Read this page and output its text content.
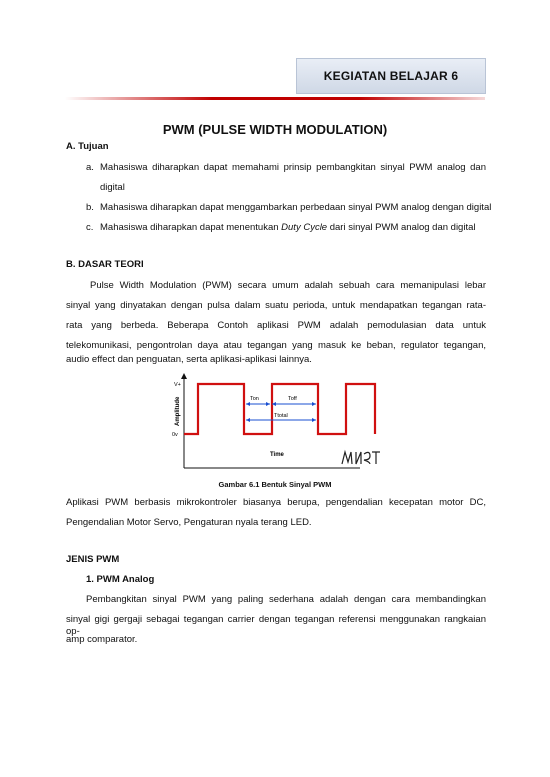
KEGIATAN BELAJAR 6
PWM (PULSE WIDTH MODULATION)
A. Tujuan
a. Mahasiswa diharapkan dapat memahami prinsip pembangkitan sinyal PWM analog dan
digital
b. Mahasiswa diharapkan dapat menggambarkan perbedaan sinyal PWM analog dengan digital
c. Mahasiswa diharapkan dapat menentukan Duty Cycle dari sinyal PWM analog dan digital
B. DASAR TEORI
Pulse Width Modulation (PWM) secara umum adalah sebuah cara memanipulasi lebar
sinyal yang dinyatakan dengan pulsa dalam suatu perioda, untuk mendapatkan tegangan rata-
rata yang berbeda. Beberapa Contoh aplikasi PWM adalah pemodulasian data untuk
telekomunikasi, pengontrolan daya atau tegangan yang masuk ke beban, regulator tegangan,
audio effect dan penguatan, serta aplikasi-aplikasi lainnya.
V+
0v
Amplitude	Ton	Toff
Ttotal
Time
Gambar 6.1 Bentuk Sinyal PWM
Aplikasi PWM berbasis mikrokontroler biasanya berupa, pengendalian kecepatan motor DC,
Pengendalian Motor Servo, Pengaturan nyala terang LED.
JENIS PWM
1. PWM Analog
Pembangkitan sinyal PWM yang paling sederhana adalah dengan cara membandingkan
sinyal gigi gergaji sebagai tegangan carrier dengan tegangan referensi menggunakan rangkaian op-
amp comparator.
